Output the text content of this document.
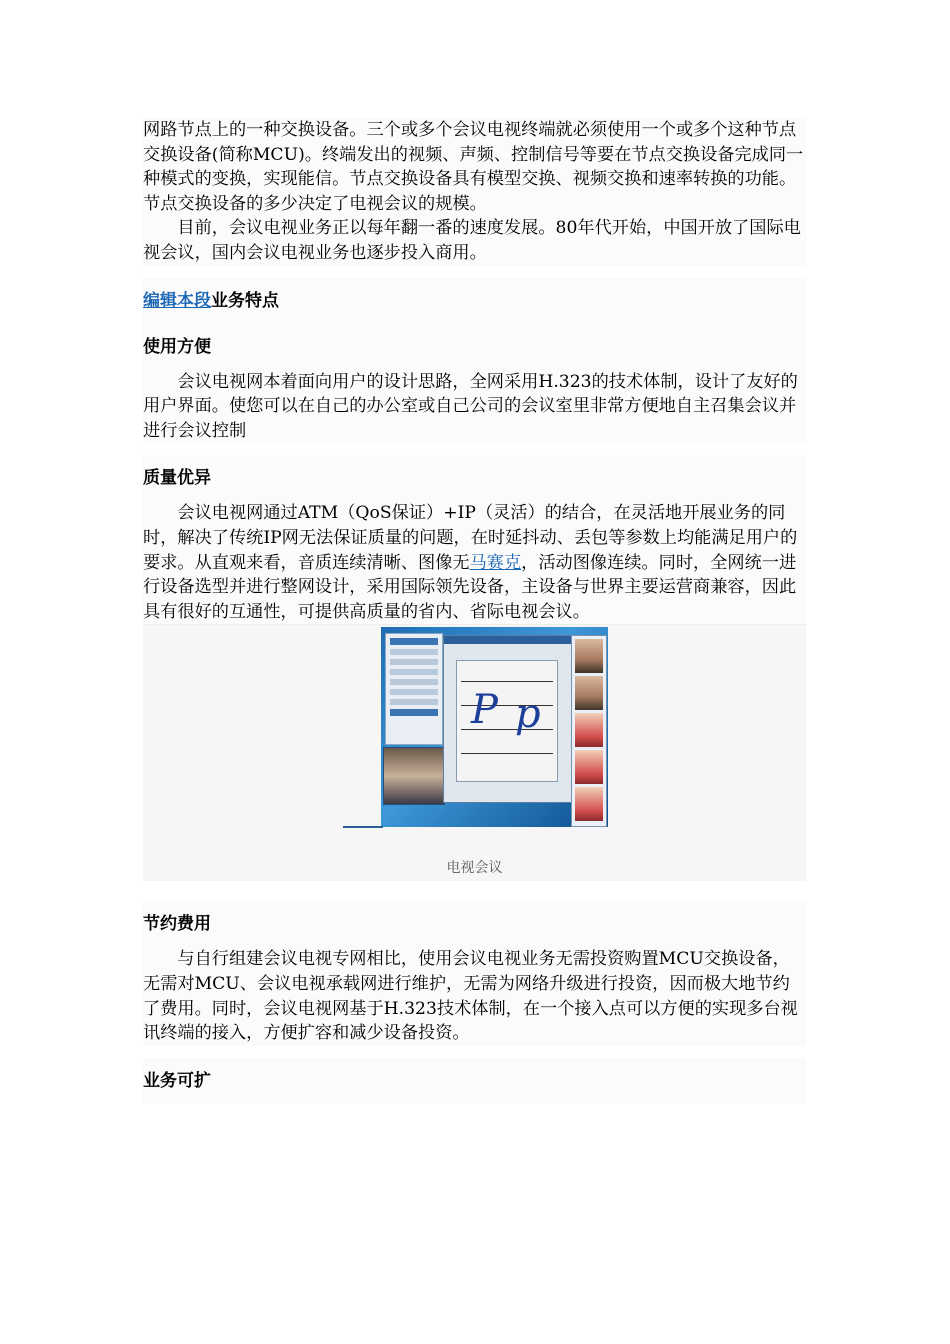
网路节点上的一种交换设备。三个或多个会议电视终端就必须使用一个或多个这种节点交换设备(简称MCU)。终端发出的视频、声频、控制信号等要在节点交换设备完成同一种模式的变换，实现能信。节点交换设备具有模型交换、视频交换和速率转换的功能。节点交换设备的多少决定了电视会议的规模。

目前，会议电视业务正以每年翻一番的速度发展。80年代开始，中国开放了国际电视会议，国内会议电视业务也逐步投入商用。

编辑本段业务特点

使用方便

会议电视网本着面向用户的设计思路，全网采用H.323的技术体制，设计了友好的用户界面。使您可以在自己的办公室或自己公司的会议室里非常方便地自主召集会议并进行会议控制

质量优异

会议电视网通过ATM（QoS保证）+IP（灵活）的结合，在灵活地开展业务的同时，解决了传统IP网无法保证质量的问题，在时延抖动、丢包等参数上均能满足用户的要求。从直观来看，音质连续清晰、图像无马赛克，活动图像连续。同时，全网统一进行设备选型并进行整网设计，采用国际领先设备，主设备与世界主要运营商兼容，因此具有很好的互通性，可提供高质量的省内、省际电视会议。

P p
电视会议

节约费用

与自行组建会议电视专网相比，使用会议电视业务无需投资购置MCU交换设备，无需对MCU、会议电视承载网进行维护，无需为网络升级进行投资，因而极大地节约了费用。同时，会议电视网基于H.323技术体制，在一个接入点可以方便的实现多台视讯终端的接入，方便扩容和减少设备投资。

业务可扩
